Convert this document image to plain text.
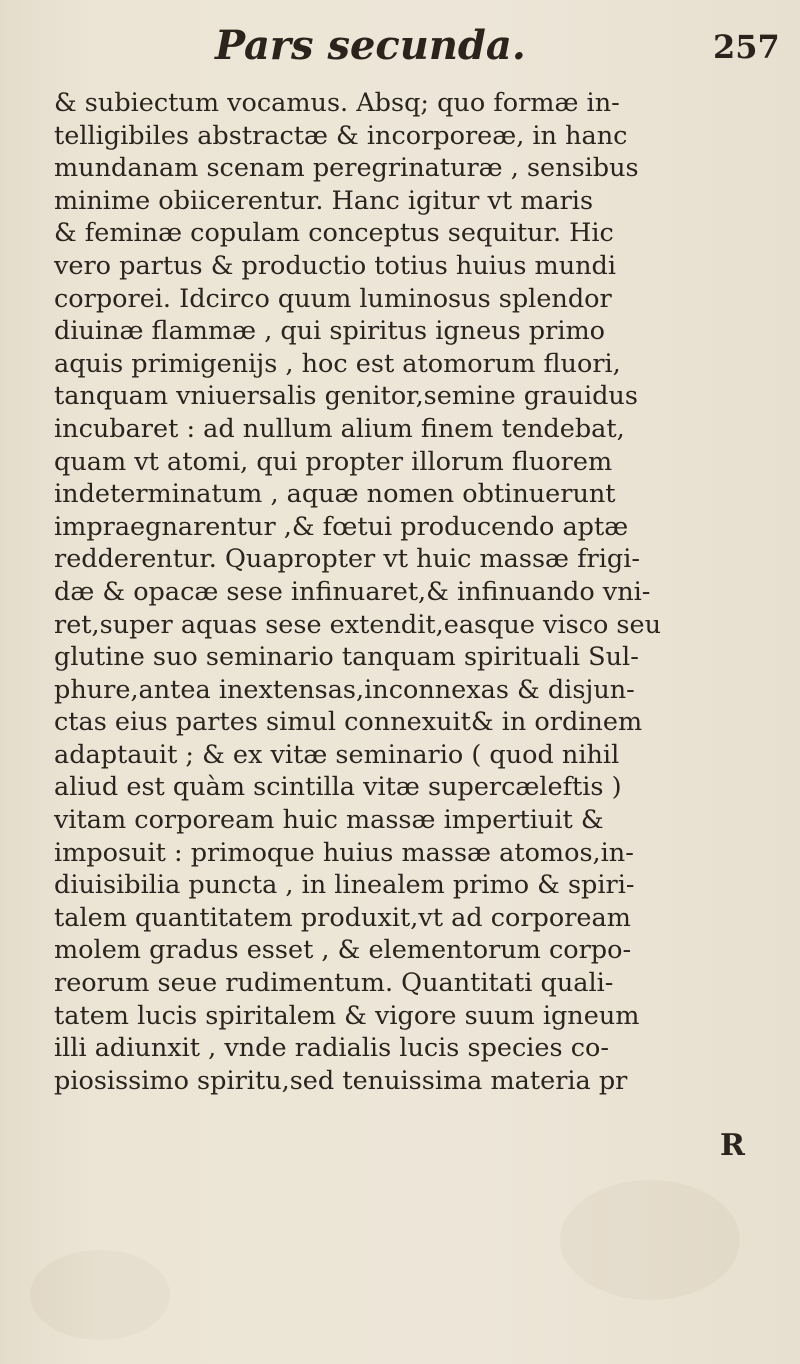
Pars secunda.	257
& subiectum vocamus. Absq; quo formæ in-
telligibiles abstractæ & incorporeæ, in hanc
mundanam scenam peregrinaturæ , sensibus
minime obiicerentur. Hanc igitur vt maris
& feminæ copulam conceptus sequitur. Hic
vero partus & productio totius huius mundi
corporei. Idcirco quum luminosus splendor
diuinæ flammæ , qui spiritus igneus primo
aquis primigenijs , hoc est atomorum fluori,
tanquam vniuersalis genitor,semine grauidus
incubaret : ad nullum alium finem tendebat,
quam vt atomi, qui propter illorum fluorem
indeterminatum , aquæ nomen obtinuerunt
impraegnarentur ,& fœtui producendo aptæ
redderentur. Quapropter vt huic massæ frigi-
dæ & opacæ sese infinuaret,& infinuando vni-
ret,super aquas sese extendit,easque visco seu
glutine suo seminario tanquam spirituali Sul-
phure,antea inextensas,inconnexas & disjun-
ctas eius partes simul connexuit& in ordinem
adaptauit ; & ex vitæ seminario ( quod nihil
aliud est quàm scintilla vitæ supercæleftis )
vitam corpoream huic massæ impertiuit &
imposuit : primoque huius massæ atomos,in-
diuisibilia puncta , in linealem primo & spiri-
talem quantitatem produxit,vt ad corpoream
molem gradus esset , & elementorum corpo-
reorum seue rudimentum. Quantitati quali-
tatem lucis spiritalem & vigore suum igneum
illi adiunxit , vnde radialis lucis species co-
piosissimo spiritu,sed tenuissima materia pr
R
